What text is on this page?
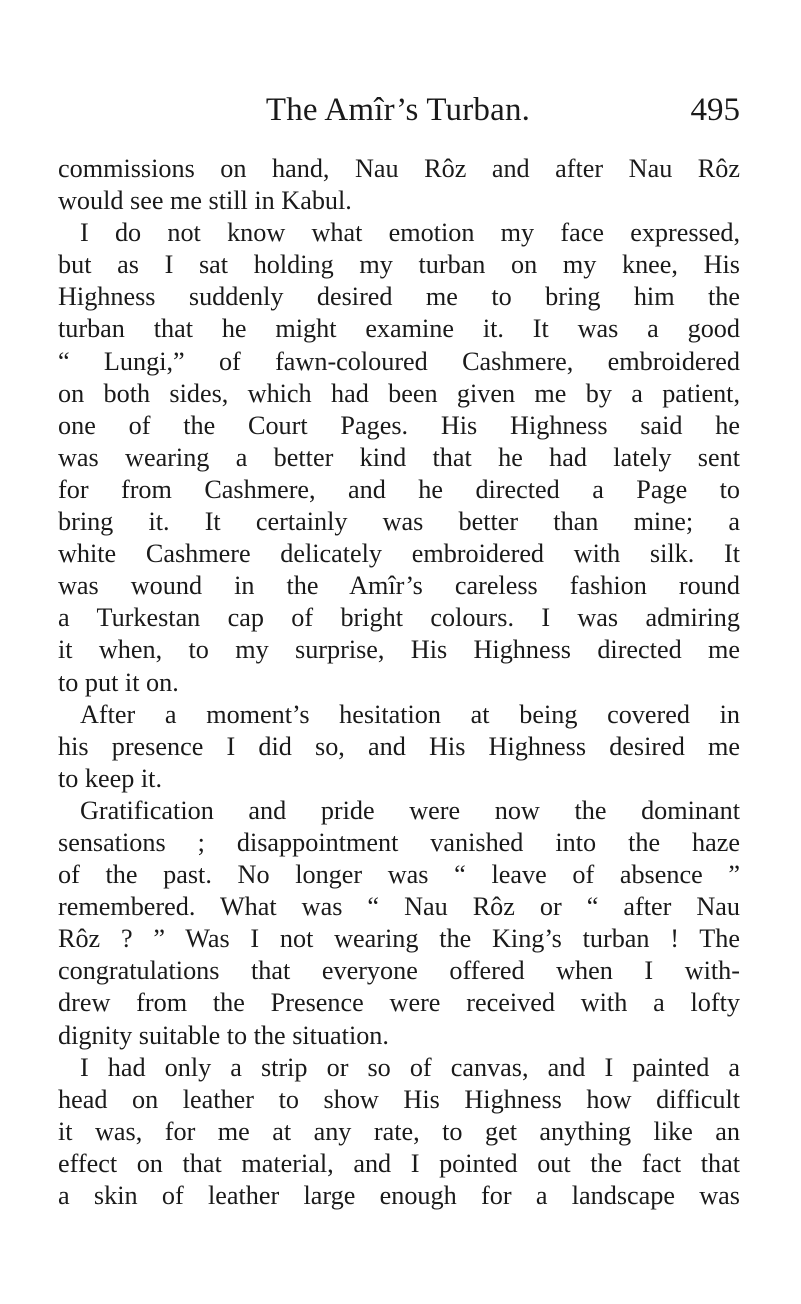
The Amîr’s Turban.	495
commissions on hand, Nau Rôz and after Nau Rôz
would see me still in Kabul.
I do not know what emotion my face expressed,
but as I sat holding my turban on my knee, His
Highness suddenly desired me to bring him the
turban that he might examine it. It was a good
“ Lungi,” of fawn-coloured Cashmere, embroidered
on both sides, which had been given me by a patient,
one of the Court Pages. His Highness said he
was wearing a better kind that he had lately sent
for from Cashmere, and he directed a Page to
bring it. It certainly was better than mine; a
white Cashmere delicately embroidered with silk. It
was wound in the Amîr’s careless fashion round
a Turkestan cap of bright colours. I was admiring
it when, to my surprise, His Highness directed me
to put it on.
After a moment’s hesitation at being covered in
his presence I did so, and His Highness desired me
to keep it.
Gratification and pride were now the dominant
sensations ; disappointment vanished into the haze
of the past. No longer was “ leave of absence ”
remembered. What was “ Nau Rôz or “ after Nau
Rôz ? ” Was I not wearing the King’s turban ! The
congratulations that everyone offered when I with-
drew from the Presence were received with a lofty
dignity suitable to the situation.
I had only a strip or so of canvas, and I painted a
head on leather to show His Highness how difficult
it was, for me at any rate, to get anything like an
effect on that material, and I pointed out the fact that
a skin of leather large enough for a landscape was
